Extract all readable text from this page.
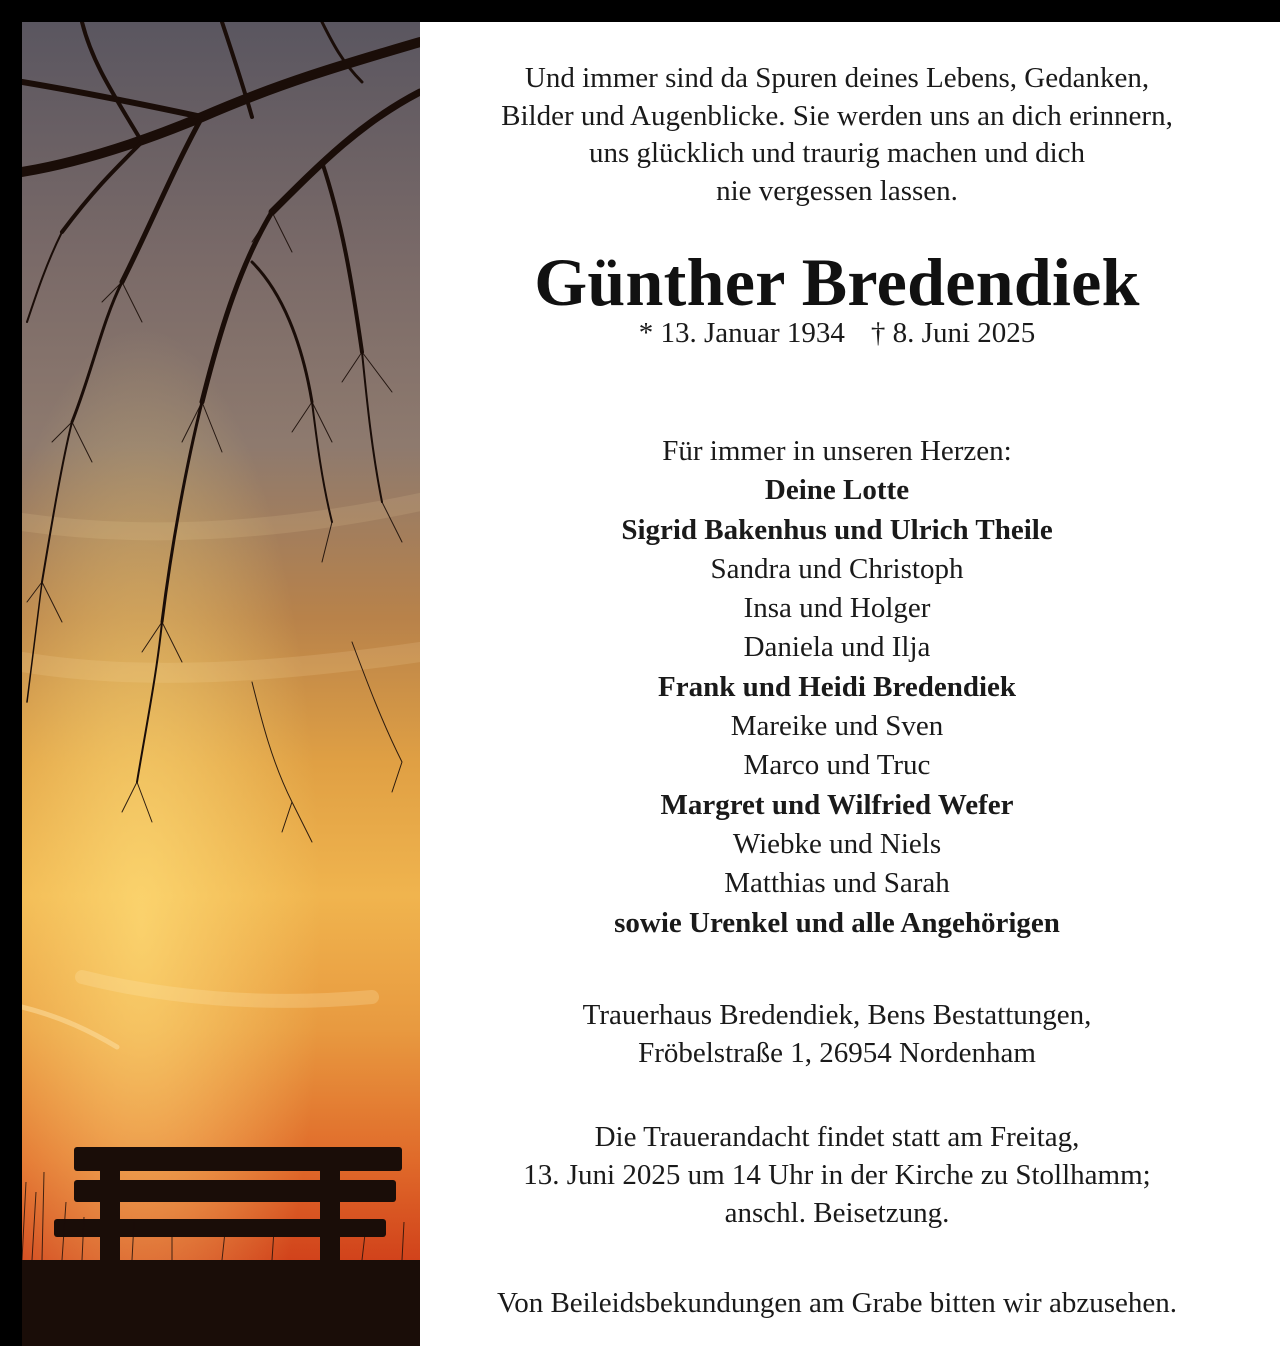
Und immer sind da Spuren deines Lebens, Gedanken,
Bilder und Augenblicke. Sie werden uns an dich erinnern,
uns glücklich und traurig machen und dich
nie vergessen lassen.
Günther Bredendiek
* 13. Januar 1934 † 8. Juni 2025
Für immer in unseren Herzen:
Deine Lotte
Sigrid Bakenhus und Ulrich Theile
Sandra und Christoph
Insa und Holger
Daniela und Ilja
Frank und Heidi Bredendiek
Mareike und Sven
Marco und Truc
Margret und Wilfried Wefer
Wiebke und Niels
Matthias und Sarah
sowie Urenkel und alle Angehörigen
Trauerhaus Bredendiek, Bens Bestattungen,
Fröbelstraße 1, 26954 Nordenham
Die Trauerandacht findet statt am Freitag,
13. Juni 2025 um 14 Uhr in der Kirche zu Stollhamm;
anschl. Beisetzung.
Von Beileidsbekundungen am Grabe bitten wir abzusehen.
